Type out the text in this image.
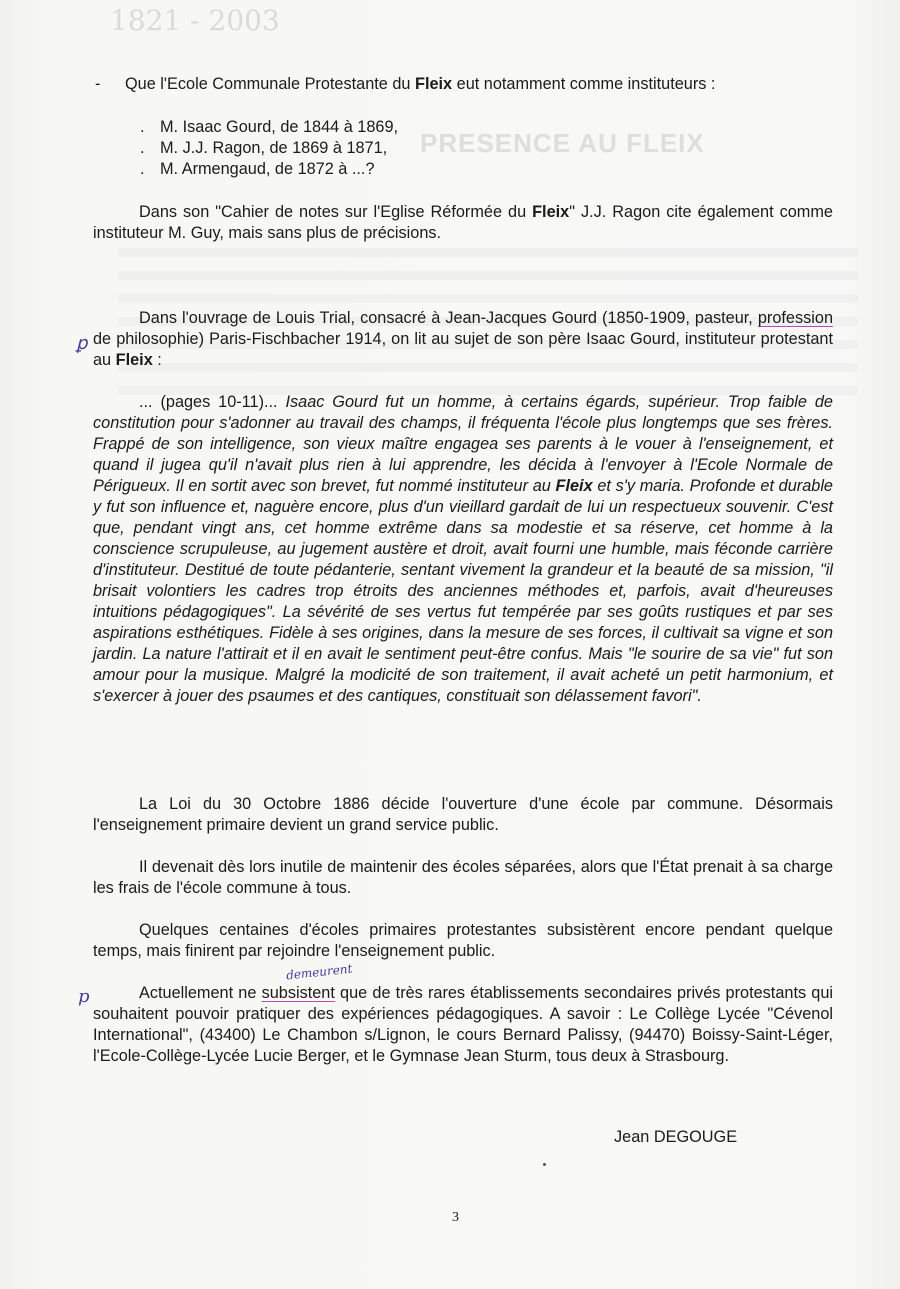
1821 - 2003
PRESENCE AU FLEIX
- Que l'Ecole Communale Protestante du Fleix eut notamment comme instituteurs :
. M. Isaac Gourd, de 1844 à 1869,
. M. J.J. Ragon, de 1869 à 1871,
. M. Armengaud, de 1872 à ...?
Dans son "Cahier de notes sur l'Eglise Réformée du Fleix" J.J. Ragon cite également comme instituteur M. Guy, mais sans plus de précisions.
Dans l'ouvrage de Louis Trial, consacré à Jean-Jacques Gourd (1850-1909, pasteur, profession de philosophie) Paris-Fischbacher 1914, on lit au sujet de son père Isaac Gourd, instituteur protestant au Fleix :
... (pages 10-11)... Isaac Gourd fut un homme, à certains égards, supérieur. Trop faible de constitution pour s'adonner au travail des champs, il fréquenta l'école plus longtemps que ses frères. Frappé de son intelligence, son vieux maître engagea ses parents à le vouer à l'enseignement, et quand il jugea qu'il n'avait plus rien à lui apprendre, les décida à l'envoyer à l'Ecole Normale de Périgueux. Il en sortit avec son brevet, fut nommé instituteur au Fleix et s'y maria. Profonde et durable y fut son influence et, naguère encore, plus d'un vieillard gardait de lui un respectueux souvenir. C'est que, pendant vingt ans, cet homme extrême dans sa modestie et sa réserve, cet homme à la conscience scrupuleuse, au jugement austère et droit, avait fourni une humble, mais féconde carrière d'instituteur. Destitué de toute pédanterie, sentant vivement la grandeur et la beauté de sa mission, "il brisait volontiers les cadres trop étroits des anciennes méthodes et, parfois, avait d'heureuses intuitions pédagogiques". La sévérité de ses vertus fut tempérée par ses goûts rustiques et par ses aspirations esthétiques. Fidèle à ses origines, dans la mesure de ses forces, il cultivait sa vigne et son jardin. La nature l'attirait et il en avait le sentiment peut-être confus. Mais "le sourire de sa vie" fut son amour pour la musique. Malgré la modicité de son traitement, il avait acheté un petit harmonium, et s'exercer à jouer des psaumes et des cantiques, constituait son délassement favori".
La Loi du 30 Octobre 1886 décide l'ouverture d'une école par commune. Désormais l'enseignement primaire devient un grand service public.
Il devenait dès lors inutile de maintenir des écoles séparées, alors que l'État prenait à sa charge les frais de l'école commune à tous.
Quelques centaines d'écoles primaires protestantes subsistèrent encore pendant quelque temps, mais finirent par rejoindre l'enseignement public.
Actuellement ne subsistent que de très rares établissements secondaires privés protestants qui souhaitent pouvoir pratiquer des expériences pédagogiques. A savoir : Le Collège Lycée "Cévenol International", (43400) Le Chambon s/Lignon, le cours Bernard Palissy, (94470) Boissy-Saint-Léger, l'Ecole-Collège-Lycée Lucie Berger, et le Gymnase Jean Sturm, tous deux à Strasbourg.
Jean DEGOUGE
3
ꝑ
p
demeurent
